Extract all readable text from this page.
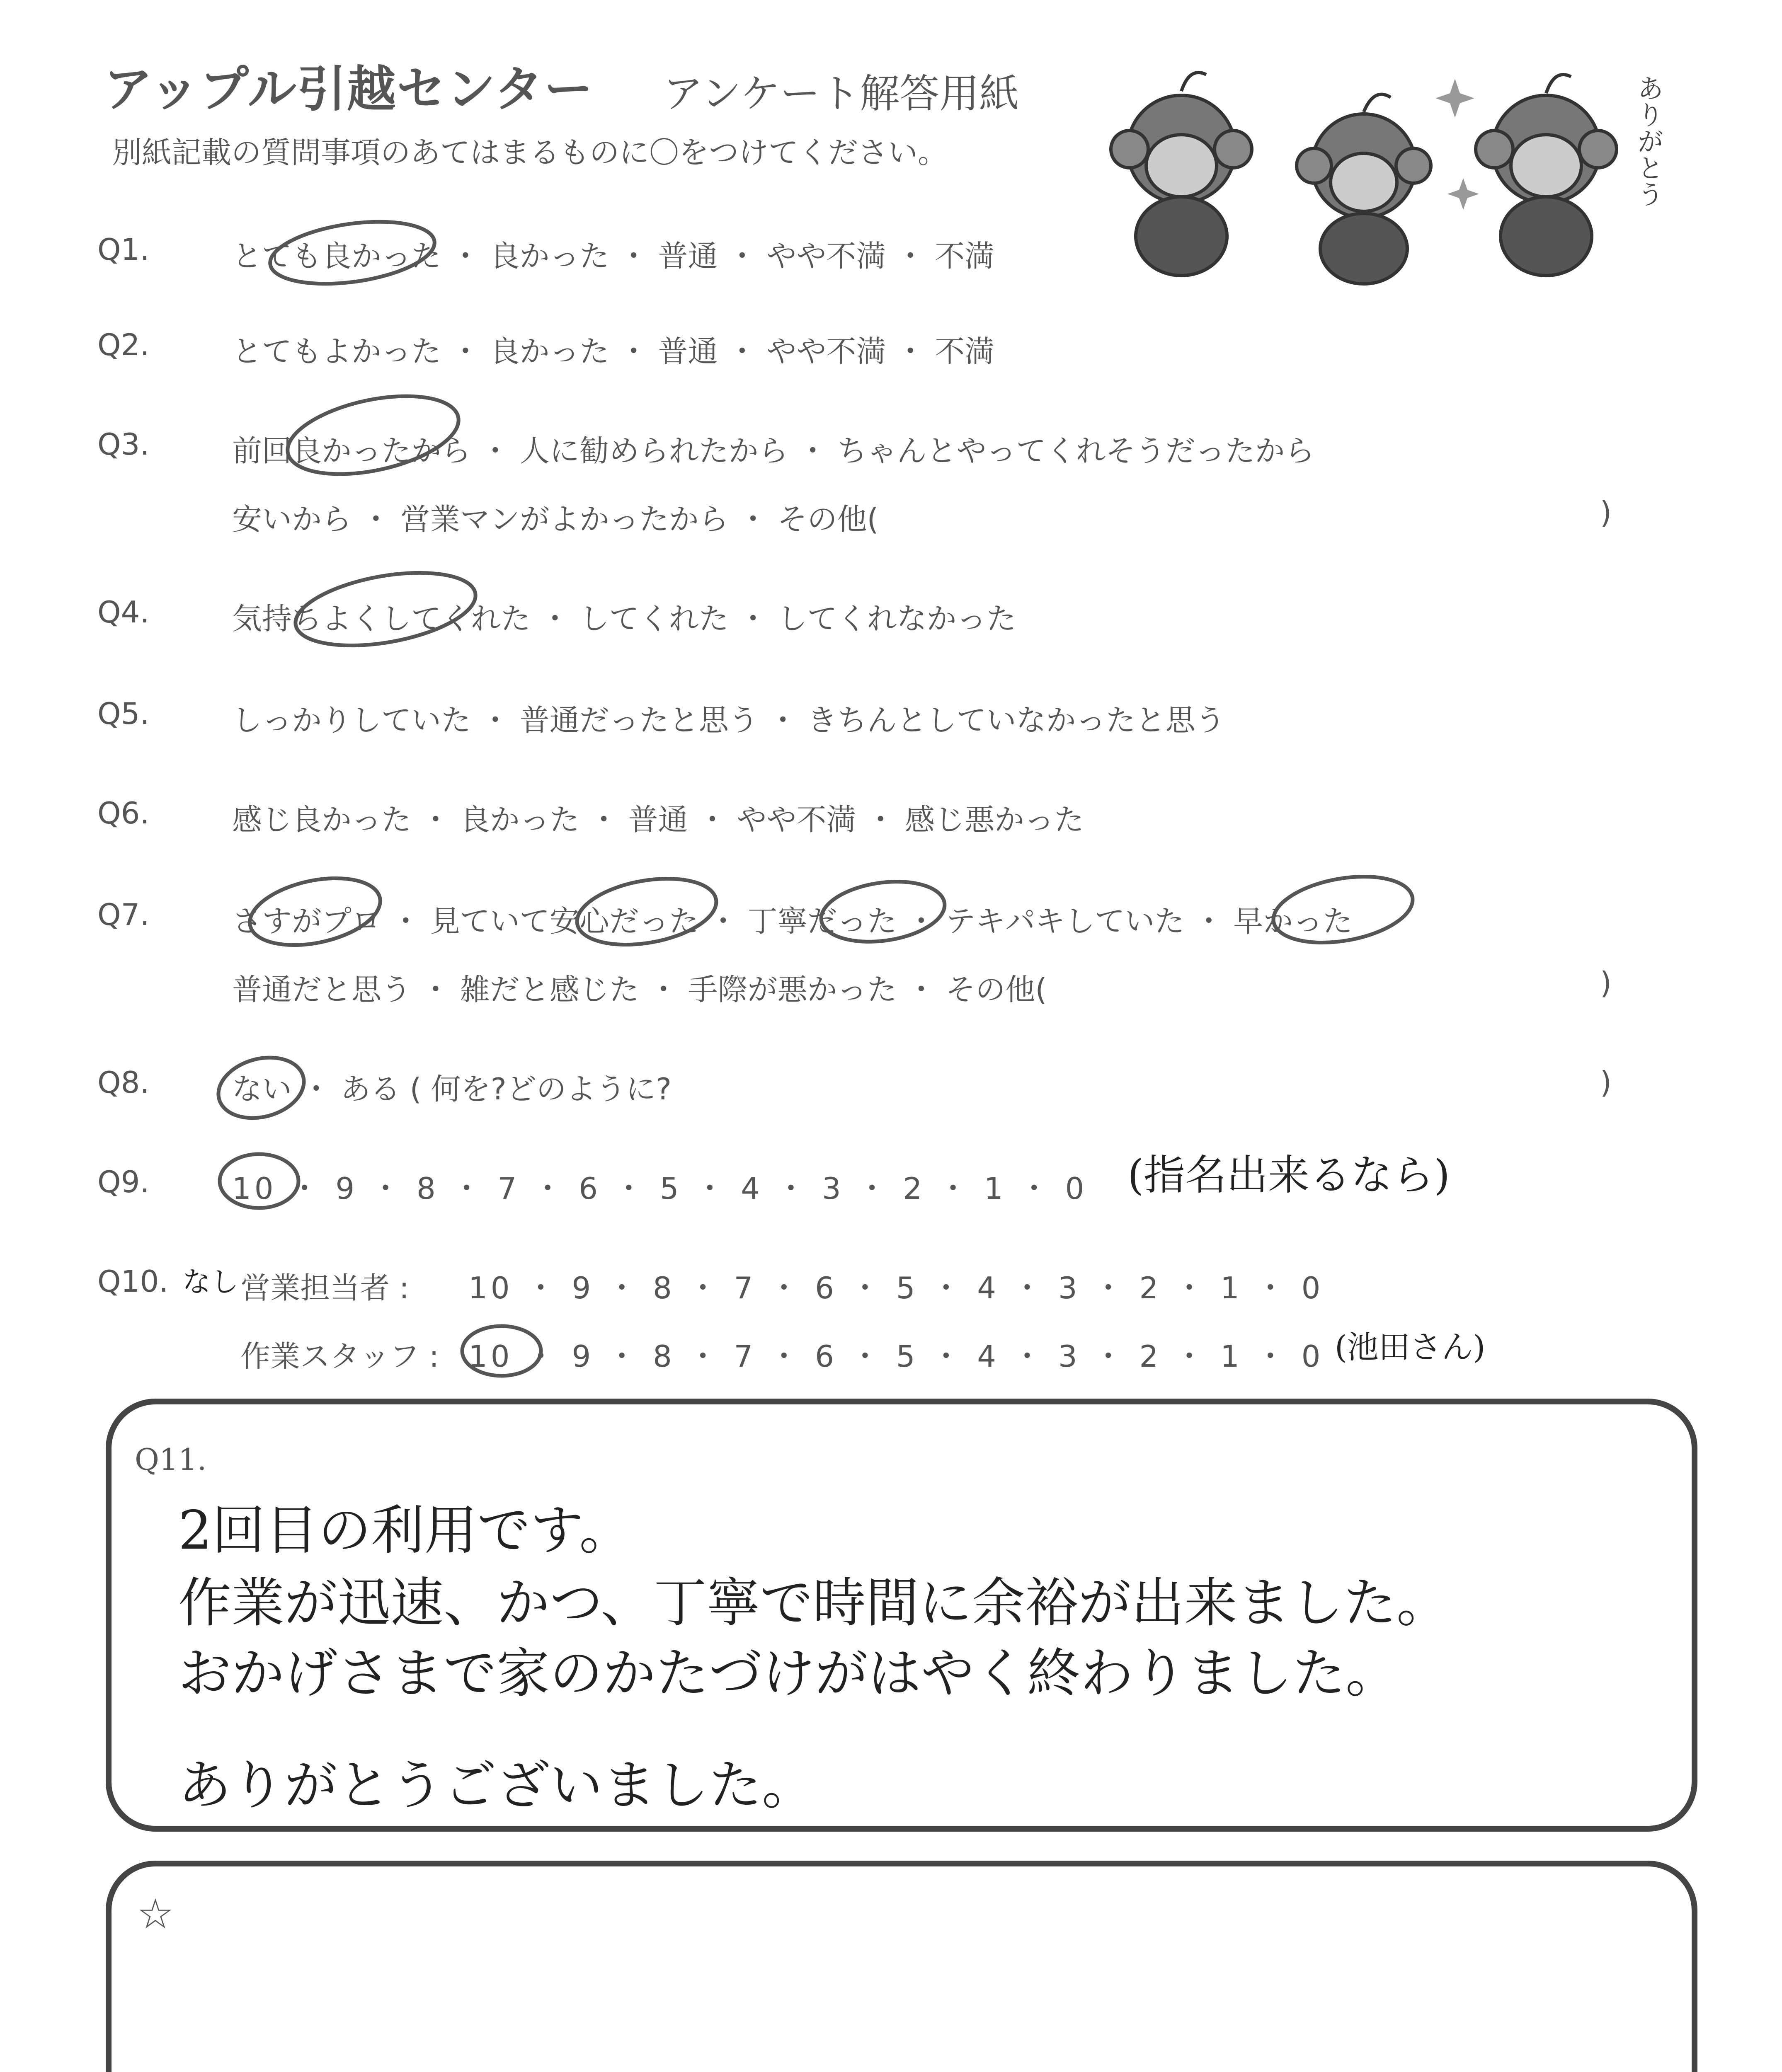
アップル引越センター アンケート解答用紙
別紙記載の質問事項のあてはまるものに〇をつけてください。	ありがとう
Q1.	とても良かった ・ 良かった ・ 普通 ・ やや不満 ・ 不満
Q2.	とてもよかった ・ 良かった ・ 普通 ・ やや不満 ・ 不満
Q3.	前回良かったから ・ 人に勧められたから ・ ちゃんとやってくれそうだったから
安いから ・ 営業マンがよかったから ・ その他(	)
Q4.	気持ちよくしてくれた ・ してくれた ・ してくれなかった
Q5.	しっかりしていた ・ 普通だったと思う ・ きちんとしていなかったと思う
Q6.	感じ良かった ・ 良かった ・ 普通 ・ やや不満 ・ 感じ悪かった
Q7.	さすがプロ ・ 見ていて安心だった ・ 丁寧だった ・ テキパキしていた ・ 早かった
普通だと思う ・ 雑だと感じた ・ 手際が悪かった ・ その他(	)
Q8.	ない ・ ある ( 何を?どのように?	)
Q9.	10 ・ 9 ・ 8 ・ 7 ・ 6 ・ 5 ・ 4 ・ 3 ・ 2 ・ 1 ・ 0 (指名出来るなら)
Q10. なし 営業担当者 : 10 ・ 9 ・ 8 ・ 7 ・ 6 ・ 5 ・ 4 ・ 3 ・ 2 ・ 1 ・ 0
作業スタッフ : 10 ・ 9 ・ 8 ・ 7 ・ 6 ・ 5 ・ 4 ・ 3 ・ 2 ・ 1 ・ 0 (池田さん)
Q11.
2回目の利用です。
作業が迅速、かつ、丁寧で時間に余裕が出来ました。
おかげさまで家のかたづけがはやく終わりました。
ありがとうございました。
☆
